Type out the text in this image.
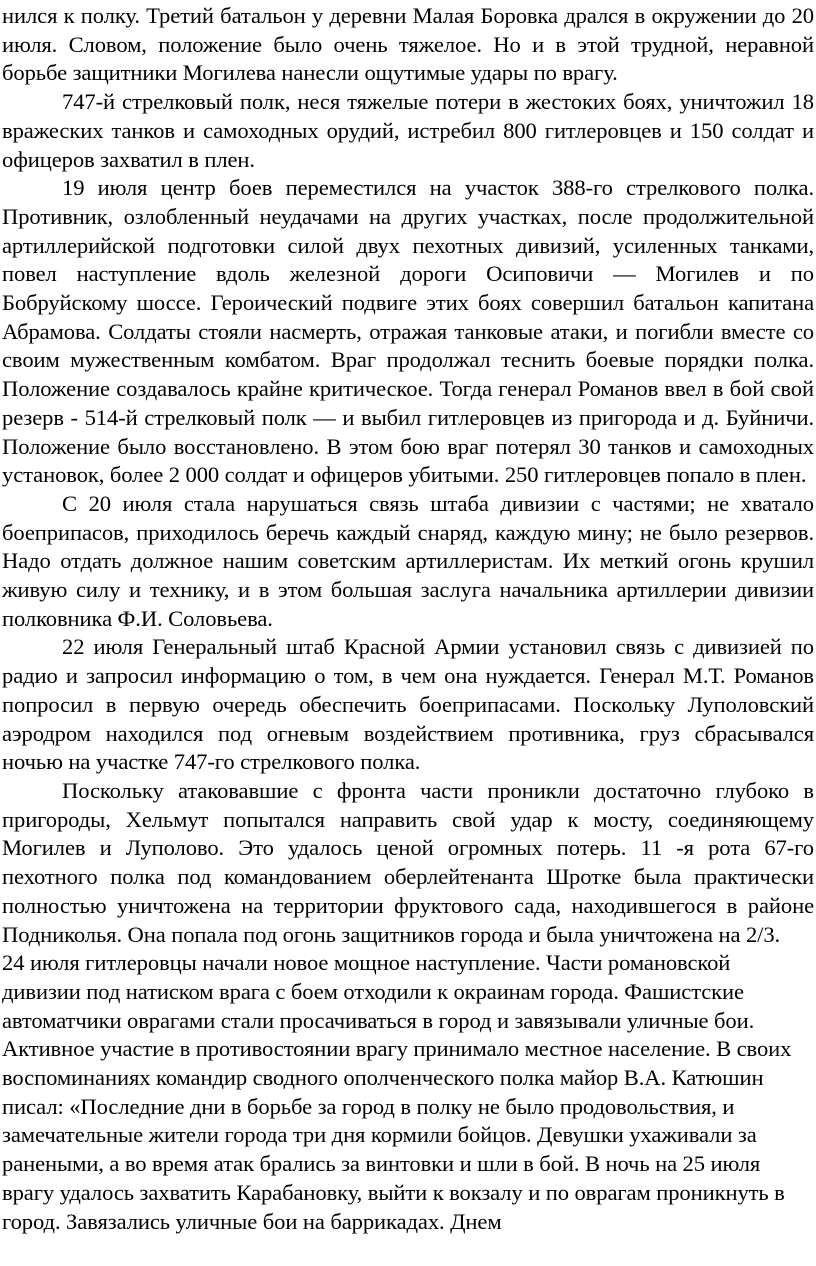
нился к полку. Третий батальон у деревни Малая Боровка дрался в окружении до 20 июля. Словом, положение было очень тяжелое. Но и в этой трудной, неравной борьбе защитники Могилева нанесли ощутимые удары по врагу.

747-й стрелковый полк, неся тяжелые потери в жестоких боях, уничтожил 18 вражеских танков и самоходных орудий, истребил 800 гитлеровцев и 150 солдат и офицеров захватил в плен.

19 июля центр боев переместился на участок 388-го стрелкового полка. Противник, озлобленный неудачами на других участках, после продолжительной артиллерийской подготовки силой двух пехотных дивизий, усиленных танками, повел наступление вдоль железной дороги Осиповичи — Могилев и по Бобруйскому шоссе. Героический подвиге этих боях совершил батальон капитана Абрамова. Солдаты стояли насмерть, отражая танковые атаки, и погибли вместе со своим мужественным комбатом. Враг продолжал теснить боевые порядки полка. Положение создавалось крайне критическое. Тогда генерал Романов ввел в бой свой резерв - 514-й стрелковый полк — и выбил гитлеровцев из пригорода и д. Буйничи. Положение было восстановлено. В этом бою враг потерял 30 танков и самоходных установок, более 2 000 солдат и офицеров убитыми. 250 гитлеровцев попало в плен.

С 20 июля стала нарушаться связь штаба дивизии с частями; не хватало боеприпасов, приходилось беречь каждый снаряд, каждую мину; не было резервов. Надо отдать должное нашим советским артиллеристам. Их меткий огонь крушил живую силу и технику, и в этом большая заслуга начальника артиллерии дивизии полковника Ф.И. Соловьева.

22 июля Генеральный штаб Красной Армии установил связь с дивизией по радио и запросил информацию о том, в чем она нуждается. Генерал М.Т. Романов попросил в первую очередь обеспечить боеприпасами. Поскольку Луполовский аэродром находился под огневым воздействием противника, груз сбрасывался ночью на участке 747-го стрелкового полка.

Поскольку атаковавшие с фронта части проникли достаточно глубоко в пригороды, Хельмут попытался направить свой удар к мосту, соединяющему Могилев и Луполово. Это удалось ценой огромных потерь. 11 -я рота 67-го пехотного полка под командованием оберлейтенанта Шротке была практически полностью уничтожена на территории фруктового сада, находившегося в районе Подниколья. Она попала под огонь защитников города и была уничтожена на 2/3.

24 июля гитлеровцы начали новое мощное наступление. Части романовской дивизии под натиском врага с боем отходили к окраинам города. Фашистские автоматчики оврагами стали просачиваться в город и завязывали уличные бои. Активное участие в противостоянии врагу принимало местное население. В своих воспоминаниях командир сводного ополченческого полка майор В.А. Катюшин писал: «Последние дни в борьбе за город в полку не было продовольствия, и замечательные жители города три дня кормили бойцов. Девушки ухаживали за ранеными, а во время атак брались за винтовки и шли в бой. В ночь на 25 июля врагу удалось захватить Карабановку, выйти к вокзалу и по оврагам проникнуть в город. Завязались уличные бои на баррикадах. Днем
